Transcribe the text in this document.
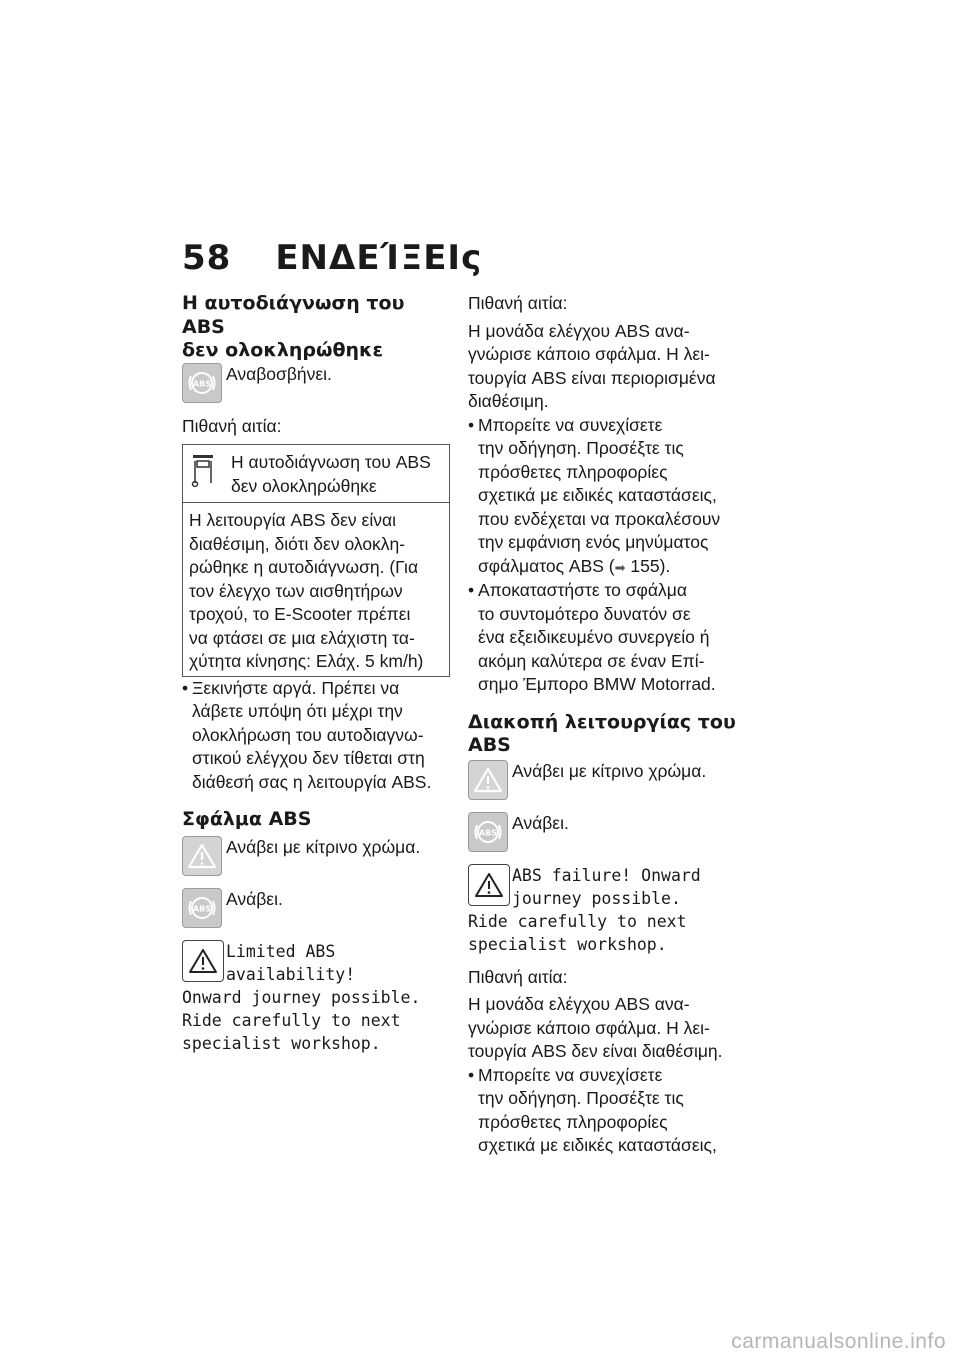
58 ΕΝΔΕΊΞΕΙς

Η αυτοδιάγνωση του ABS
δεν ολοκληρώθηκε

ABS Αναβοσβήνει.

Πιθανή αιτία:

Η αυτοδιάγνωση του ABS
δεν ολοκληρώθηκε

Η λειτουργία ABS δεν είναι
διαθέσιμη, διότι δεν ολοκλη-
ρώθηκε η αυτοδιάγνωση. (Για
τον έλεγχο των αισθητήρων
τροχού, το E-Scooter πρέπει
να φτάσει σε μια ελάχιστη τα-
χύτητα κίνησης: Ελάχ. 5 km/h)

• Ξεκινήστε αργά. Πρέπει να
λάβετε υπόψη ότι μέχρι την
ολοκλήρωση του αυτοδιαγνω-
στικού ελέγχου δεν τίθεται στη
διάθεσή σας η λειτουργία ABS.

Σφάλμα ABS

Ανάβει με κίτρινο χρώμα.

ABS Ανάβει.

Limited ABS
availability!

Onward journey possible.
Ride carefully to next
specialist workshop.

Πιθανή αιτία:

Η μονάδα ελέγχου ABS ανα-
γνώρισε κάποιο σφάλμα. Η λει-
τουργία ABS είναι περιορισμένα
διαθέσιμη.

• Μπορείτε να συνεχίσετε
την οδήγηση. Προσέξτε τις
πρόσθετες πληροφορίες
σχετικά με ειδικές καταστάσεις,
που ενδέχεται να προκαλέσουν
την εμφάνιση ενός μηνύματος
σφάλματος ABS (➡ 155).
• Αποκαταστήστε το σφάλμα
το συντομότερο δυνατόν σε
ένα εξειδικευμένο συνεργείο ή
ακόμη καλύτερα σε έναν Επί-
σημο Έμπορο BMW Motorrad.

Διακοπή λειτουργίας του
ABS

Ανάβει με κίτρινο χρώμα.

ABS Ανάβει.

ABS failure! Onward
journey possible.

Ride carefully to next
specialist workshop.

Πιθανή αιτία:

Η μονάδα ελέγχου ABS ανα-
γνώρισε κάποιο σφάλμα. Η λει-
τουργία ABS δεν είναι διαθέσιμη.

• Μπορείτε να συνεχίσετε
την οδήγηση. Προσέξτε τις
πρόσθετες πληροφορίες
σχετικά με ειδικές καταστάσεις,
carmanualsonline.info
